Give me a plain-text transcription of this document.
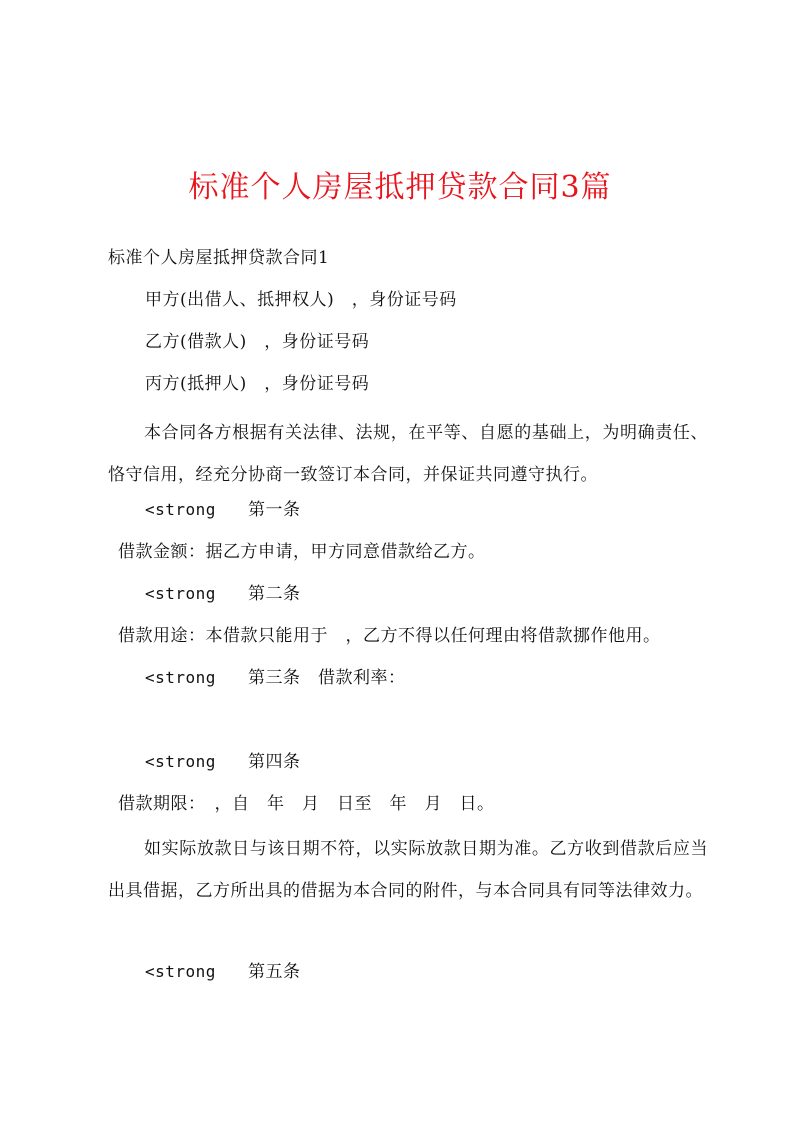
标准个人房屋抵押贷款合同3篇
标准个人房屋抵押贷款合同1
甲方(出借人、抵押权人)　，身份证号码
乙方(借款人)　，身份证号码
丙方(抵押人)　，身份证号码
本合同各方根据有关法律、法规，在平等、自愿的基础上，为明确责任、恪守信用，经充分协商一致签订本合同，并保证共同遵守执行。
<strong 第一条
借款金额：据乙方申请，甲方同意借款给乙方。
<strong 第二条
借款用途：本借款只能用于　，乙方不得以任何理由将借款挪作他用。
<strong 第三条　借款利率：
<strong 第四条
借款期限：　，自　年　月　日至　年　月　日。
如实际放款日与该日期不符，以实际放款日期为准。乙方收到借款后应当出具借据，乙方所出具的借据为本合同的附件，与本合同具有同等法律效力。
<strong 第五条
